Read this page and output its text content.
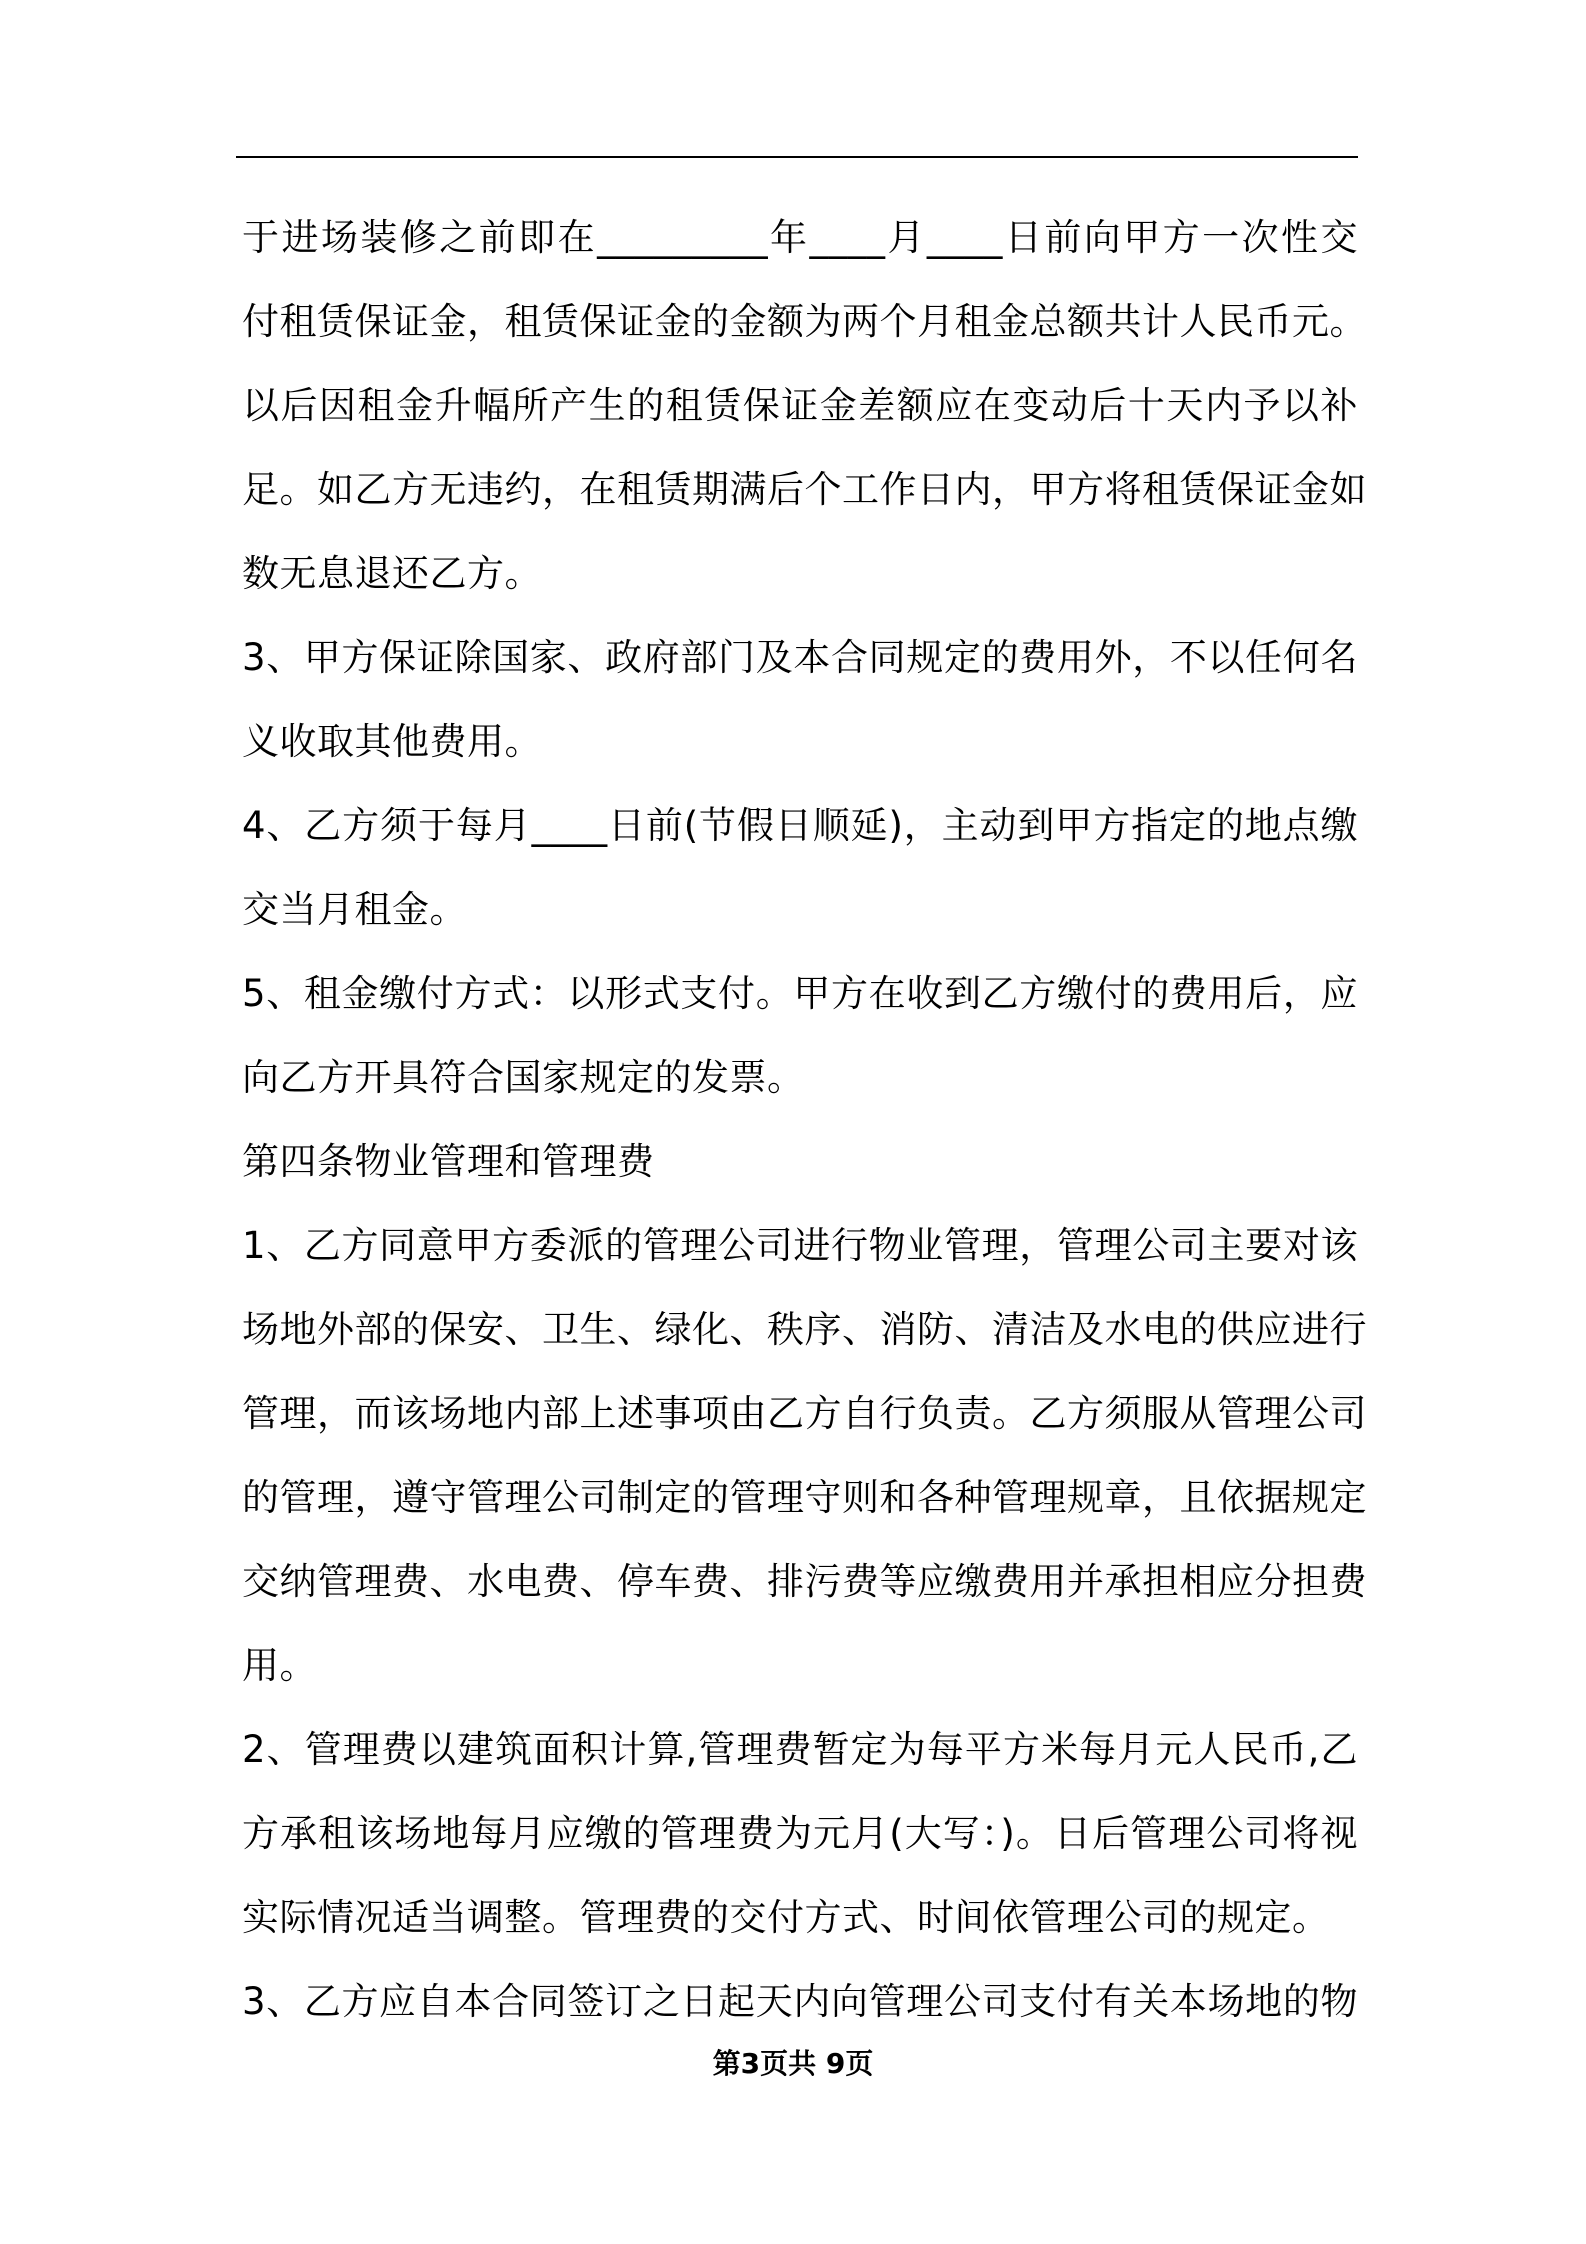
于进场装修之前即在_________年____月____日前向甲方一次性交
付租赁保证金，租赁保证金的金额为两个月租金总额共计人民币元。
以后因租金升幅所产生的租赁保证金差额应在变动后十天内予以补
足。如乙方无违约，在租赁期满后个工作日内，甲方将租赁保证金如
数无息退还乙方。
3、甲方保证除国家、政府部门及本合同规定的费用外，不以任何名
义收取其他费用。
4、乙方须于每月____日前(节假日顺延)，主动到甲方指定的地点缴
交当月租金。
5、租金缴付方式：以形式支付。甲方在收到乙方缴付的费用后，应
向乙方开具符合国家规定的发票。
第四条物业管理和管理费
1、乙方同意甲方委派的管理公司进行物业管理，管理公司主要对该
场地外部的保安、卫生、绿化、秩序、消防、清洁及水电的供应进行
管理，而该场地内部上述事项由乙方自行负责。乙方须服从管理公司
的管理，遵守管理公司制定的管理守则和各种管理规章，且依据规定
交纳管理费、水电费、停车费、排污费等应缴费用并承担相应分担费
用。
2、管理费以建筑面积计算,管理费暂定为每平方米每月元人民币,乙
方承租该场地每月应缴的管理费为元月(大写：)。日后管理公司将视
实际情况适当调整。管理费的交付方式、时间依管理公司的规定。
3、乙方应自本合同签订之日起天内向管理公司支付有关本场地的物
第3页共 9页
